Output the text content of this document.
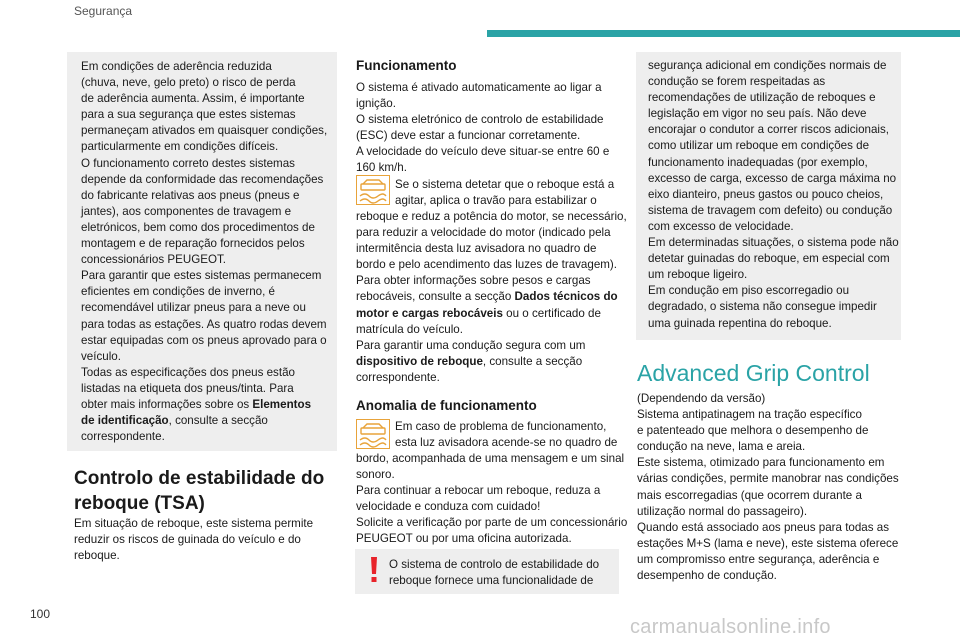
Segurança
Em condições de aderência reduzida
(chuva, neve, gelo preto) o risco de perda
de aderência aumenta. Assim, é importante
para a sua segurança que estes sistemas
permaneçam ativados em quaisquer condições,
particularmente em condições difíceis.
O funcionamento correto destes sistemas
depende da conformidade das recomendações
do fabricante relativas aos pneus (pneus e
jantes), aos componentes de travagem e
eletrónicos, bem como dos procedimentos de
montagem e de reparação fornecidos pelos
concessionários PEUGEOT.
Para garantir que estes sistemas permanecem
eficientes em condições de inverno, é
recomendável utilizar pneus para a neve ou
para todas as estações. As quatro rodas devem
estar equipadas com os pneus aprovado para o
veículo.
Todas as especificações dos pneus estão
listadas na etiqueta dos pneus/tinta. Para
obter mais informações sobre os Elementos
de identificação, consulte a secção
correspondente.
Controlo de estabilidade do
reboque (TSA)
Em situação de reboque, este sistema permite
reduzir os riscos de guinada do veículo e do
reboque.
Funcionamento
O sistema é ativado automaticamente ao ligar a
ignição.
O sistema eletrónico de controlo de estabilidade
(ESC) deve estar a funcionar corretamente.
A velocidade do veículo deve situar-se entre 60 e
160 km/h.
Se o sistema detetar que o reboque está a
agitar, aplica o travão para estabilizar o
reboque e reduz a potência do motor, se necessário,
para reduzir a velocidade do motor (indicado pela
intermitência desta luz avisadora no quadro de
bordo e pelo acendimento das luzes de travagem).
Para obter informações sobre pesos e cargas
rebocáveis, consulte a secção Dados técnicos do
motor e cargas rebocáveis ou o certificado de
matrícula do veículo.
Para garantir uma condução segura com um
dispositivo de reboque, consulte a secção
correspondente.
Anomalia de funcionamento
Em caso de problema de funcionamento,
esta luz avisadora acende-se no quadro de
bordo, acompanhada de uma mensagem e um sinal
sonoro.
Para continuar a rebocar um reboque, reduza a
velocidade e conduza com cuidado!
Solicite a verificação por parte de um concessionário
PEUGEOT ou por uma oficina autorizada.
O sistema de controlo de estabilidade do
reboque fornece uma funcionalidade de
segurança adicional em condições normais de
condução se forem respeitadas as
recomendações de utilização de reboques e
legislação em vigor no seu país. Não deve
encorajar o condutor a correr riscos adicionais,
como utilizar um reboque em condições de
funcionamento inadequadas (por exemplo,
excesso de carga, excesso de carga máxima no
eixo dianteiro, pneus gastos ou pouco cheios,
sistema de travagem com defeito) ou condução
com excesso de velocidade.
Em determinadas situações, o sistema pode não
detetar guinadas do reboque, em especial com
um reboque ligeiro.
Em condução em piso escorregadio ou
degradado, o sistema não consegue impedir
uma guinada repentina do reboque.
Advanced Grip Control
(Dependendo da versão)
Sistema antipatinagem na tração específico
e patenteado que melhora o desempenho de
condução na neve, lama e areia.
Este sistema, otimizado para funcionamento em
várias condições, permite manobrar nas condições
mais escorregadias (que ocorrem durante a
utilização normal do passageiro).
Quando está associado aos pneus para todas as
estações M+S (lama e neve), este sistema oferece
um compromisso entre segurança, aderência e
desempenho de condução.
100
carmanualsonline.info
